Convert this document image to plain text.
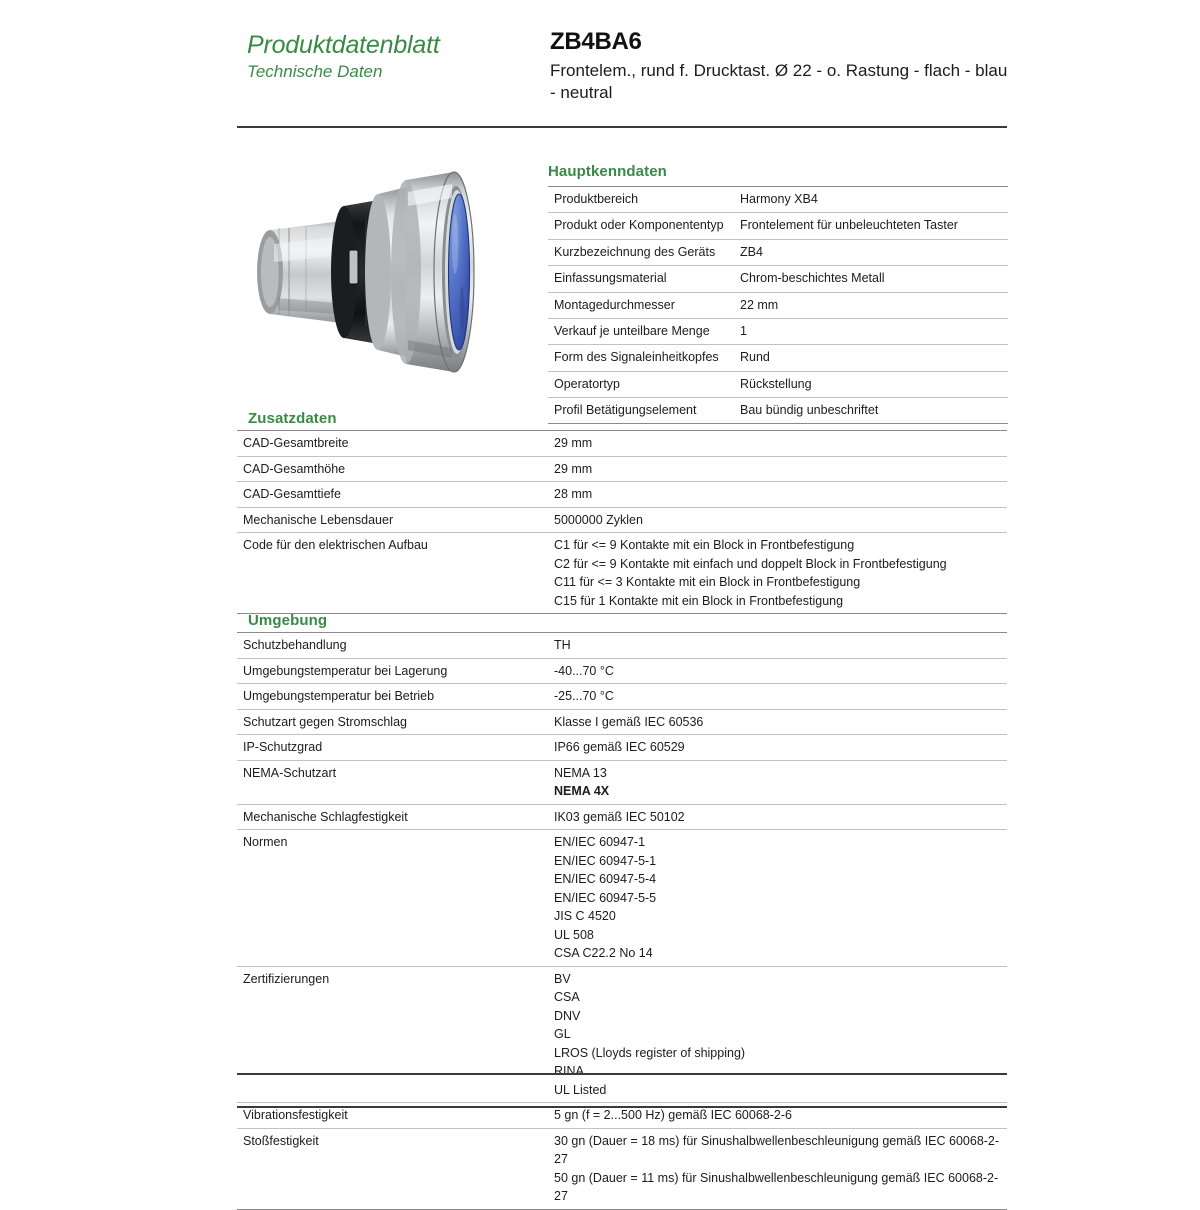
Produktdatenblatt
Technische Daten
ZB4BA6
Frontelem., rund f. Drucktast. Ø 22 - o. Rastung - flach - blau - neutral
Hauptkenndaten
Produktbereich	Harmony XB4
Produkt oder Komponententyp	Frontelement für unbeleuchteten Taster
Kurzbezeichnung des Geräts	ZB4
Einfassungsmaterial	Chrom-beschichtes Metall
Montagedurchmesser	22 mm
Verkauf je unteilbare Menge	1
Form des Signaleinheitkopfes	Rund
Operatortyp	Rückstellung
Profil Betätigungselement	Bau bündig unbeschriftet
Zusatzdaten
CAD-Gesamtbreite	29 mm
CAD-Gesamthöhe	29 mm
CAD-Gesamttiefe	28 mm
Mechanische Lebensdauer	5000000 Zyklen
Code für den elektrischen Aufbau	C1 für <= 9 Kontakte mit ein Block in Frontbefestigung
C2 für <= 9 Kontakte mit einfach und doppelt Block in Frontbefestigung
C11 für <= 3 Kontakte mit ein Block in Frontbefestigung
C15 für 1 Kontakte mit ein Block in Frontbefestigung
Umgebung
Schutzbehandlung	TH
Umgebungstemperatur bei Lagerung	-40...70 °C
Umgebungstemperatur bei Betrieb	-25...70 °C
Schutzart gegen Stromschlag	Klasse I gemäß IEC 60536
IP-Schutzgrad	IP66 gemäß IEC 60529
NEMA-Schutzart	NEMA 13
NEMA 4X

Mechanische Schlagfestigkeit	IK03 gemäß IEC 50102
Normen	EN/IEC 60947-1
EN/IEC 60947-5-1
EN/IEC 60947-5-4
EN/IEC 60947-5-5
JIS C 4520
UL 508
CSA C22.2 No 14

Zertifizierungen	BV
CSA
DNV
GL
LROS (Lloyds register of shipping)
RINA
UL Listed

Vibrationsfestigkeit	5 gn (f = 2...500 Hz) gemäß IEC 60068-2-6
Stoßfestigkeit	30 gn (Dauer = 18 ms) für Sinushalbwellenbeschleunigung gemäß IEC 60068-2-27
50 gn (Dauer = 11 ms) für Sinushalbwellenbeschleunigung gemäß IEC 60068-2-27
